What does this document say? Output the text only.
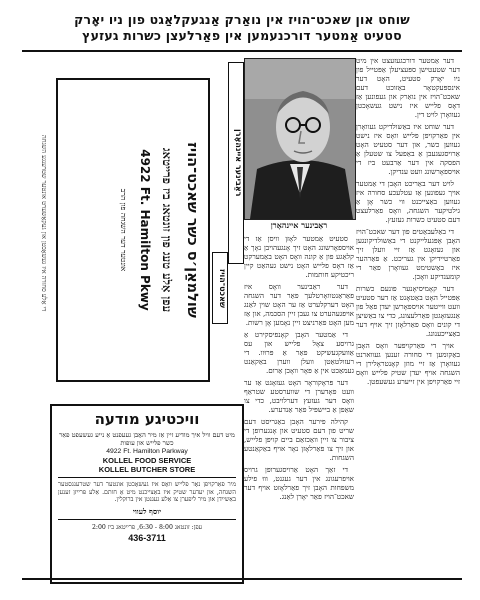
שוחט און שאכט־הויז אין נואַרק אַנגעקלאַגט פון ניו יאָרק
סטעיט אַמטער דורכנעמען אין פאַרלעצן כשרות געזעץ

דער אַמטער דורכגעזעצט אין מיט דער שטעטישן ספּעציעלן אַפּטייל פון ניו יאָרק סטעיט, האָט דער אינספּעקטאָר באַזוכט דעם שאכט־הויז אין נואַרק און געפונען אַז דאָס פלייש איז נישט געשאָכטן געוואָרן לויט דין.

דער שוחט איז באַשולדיקט געוואָרן אין פאַרקויפן פלייש וואָס איז נישט געווען כשר, און דער סטעיט האָט אַרויסגעגעבן אַ באַפעל צו שטעלן אַ הפסקה אין דער אַרבעט ביז די אויספאָרשונג וועט ענדיקן.

לויט דער באַריכט האָבן די אַמטער אויך געפונען אַז עטלעכע סחורה איז געווען באַצייכנט ווי כשר אָן אַ גילטיקער השגחה, וואָס פאַרלעצט דעם סטעיט כשרות געזעץ.

די באַלעבאַטים פון דער שאכט־הויז האָבן אָפּגעלייקנט די באַשולדיקונגען און געזאָגט אַז זיי וועלן זיך פאַרטיידיקן אין געריכט. אַ פאַרהער איז באַשטימט געוואָרן פאַר די קומענדיקע וואָכן.

דער קאָמיסיאָנער פונעם כשרות אַפּטייל האָט באַטאָנט אַז דער סטעיט וועט ווייטער אויספאָרשן יעדן פאַל פון אַנגעזאָגטן פאַרלעצונג, כדי צו באַשיצן די קונים וואָס פאַרלאָזן זיך אויף דער באַצייכענונג.

אויך די פאַרקויפער וואָס האָבן באַקומען די סחורה זענען געווארנט געוואָרן אַז זיי מוזן קאָנטראָלירן די השגחה אויף יעדן שטיק פלייש וואָס זיי פאַרקויפן אין זייערע געשעפטן.

ראַבינער איינהאָרן

סטעיט אַמטער לאָזן וויסן אַז די אויספאָרשונג האָט זיך אָנגעהויבן נאָך אַ קלאַגע פון אַ קונה וואָס האָט באַמערקט אַז דאָס פלייש האָט נישט געהאַט קיין ריכטיקע חותמות.

דער ראַבינער וואָס איז פאַראַנטוואָרטלעך פאַר דער השגחה האָט דערקלערט אַז ער האָט שוין לאַנג אויפגעהערט צו געבן זיין הסכמה, און אַז מען האָט פאַרניצט זיין נאָמען אָן רשות.

די אַמטער האָבן קאָנפיסקירט אַ גרויסע צאָל פלייש און עס אַוועקגעשיקט פאַר אַ פּרוּוו. די רעזולטאַטן וועלן ווערן באַקאַנט געמאַכט אין אַ פּאָר וואָכן אַרום.

דער פּראָקוראָר האָט געזאָגט אַז ער וועט פאָדערן די שווערסטע שטראַף וואָס דער געזעץ דערלויבט, כדי צו שאַפן אַ ביישפּיל פאַר אַנדערע.

קהילה פירער האָבן באַגריסט דעם שריט פון דעם סטעיט און אָנגערופן די ציבור צו זיין וואַכזאַם ביים קויפן פלייש, און זיך צו פאַרלאָזן נאָר אויף באַקאַנטע השגחות.

די זאַך האָט אַרויסגערופן גרויס אויפרעגונג אין דער געגנט, וווּ פילע משפחות האָבן זיך פאַרלאָזט אויף דער שאכט־הויז פאַר יאָרן לאַנג.

ראַבינער איינהאָרן
שאכט־הויז
די אַלע סחורה איז געשאָכטן און געקאַשערט אונטער שטרענגע השגחה	שולמאַן׳ס כשר שאכט־הויז
עפן אַלע טעג פון זונטאג ביז פרייטאג
4922 Ft. Hamilton Pkwy
אונטער דער השגחה פון הרב
וויכטיגע מודעה
מיט דעם וויל איך מודיע זיין אַז מיר האָבן געעפנט אַ נייע געשעפט פאַר כשר פלייש און עופות
4922 Ft. Hamilton Parkway
KOLLEL FOOD SERVICE
KOLLEL BUTCHER STORE
מיר פאַרקויפן נאָר פלייש וואָס איז געשאָכטן אונטער דער שטרענגסטער השגחה, און יעדער שטיק איז באַצייכנט מיט אַ חותם. אַלע פּרייזן זענען באַשיידן און מיר ליפערן צו אַלע געגנטן אין ברוקלין.
יוסף לעווי
עפן: זונטאג 8:00 - 6:30, פרייטאג ביז 2:00
436-3711
